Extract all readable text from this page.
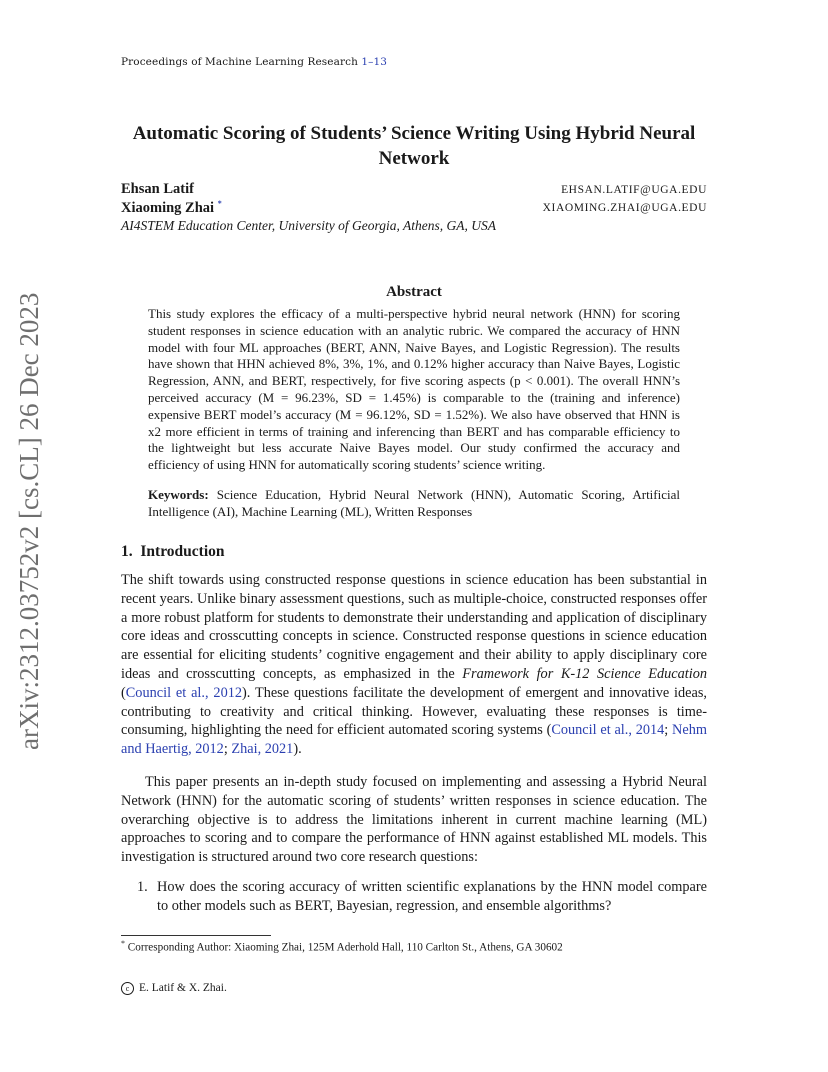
Proceedings of Machine Learning Research 1–13
arXiv:2312.03752v2 [cs.CL] 26 Dec 2023
Automatic Scoring of Students’ Science Writing Using Hybrid Neural Network
Ehsan Latif	EHSAN.LATIF@UGA.EDU
Xiaoming Zhai *	XIAOMING.ZHAI@UGA.EDU
AI4STEM Education Center, University of Georgia, Athens, GA, USA
Abstract
This study explores the efficacy of a multi-perspective hybrid neural network (HNN) for scoring student responses in science education with an analytic rubric. We compared the accuracy of HNN model with four ML approaches (BERT, ANN, Naive Bayes, and Logistic Regression). The results have shown that HHN achieved 8%, 3%, 1%, and 0.12% higher accuracy than Naive Bayes, Logistic Regression, ANN, and BERT, respectively, for five scoring aspects (p < 0.001). The overall HNN’s perceived accuracy (M = 96.23%, SD = 1.45%) is comparable to the (training and inference) expensive BERT model’s accuracy (M = 96.12%, SD = 1.52%). We also have observed that HNN is x2 more efficient in terms of training and inferencing than BERT and has comparable efficiency to the lightweight but less accurate Naive Bayes model. Our study confirmed the accuracy and efficiency of using HNN for automatically scoring students’ science writing.
Keywords: Science Education, Hybrid Neural Network (HNN), Automatic Scoring, Artificial Intelligence (AI), Machine Learning (ML), Written Responses
1. Introduction
The shift towards using constructed response questions in science education has been substantial in recent years. Unlike binary assessment questions, such as multiple-choice, constructed responses offer a more robust platform for students to demonstrate their understanding and application of disciplinary core ideas and crosscutting concepts in science. Constructed response questions in science education are essential for eliciting students’ cognitive engagement and their ability to apply disciplinary core ideas and crosscutting concepts, as emphasized in the Framework for K-12 Science Education (Council et al., 2012). These questions facilitate the development of emergent and innovative ideas, contributing to creativity and critical thinking. However, evaluating these responses is time-consuming, highlighting the need for efficient automated scoring systems (Council et al., 2014; Nehm and Haertig, 2012; Zhai, 2021).
This paper presents an in-depth study focused on implementing and assessing a Hybrid Neural Network (HNN) for the automatic scoring of students’ written responses in science education. The overarching objective is to address the limitations inherent in current machine learning (ML) approaches to scoring and to compare the performance of HNN against established ML models. This investigation is structured around two core research questions:
1. How does the scoring accuracy of written scientific explanations by the HNN model compare to other models such as BERT, Bayesian, regression, and ensemble algorithms?
* Corresponding Author: Xiaoming Zhai, 125M Aderhold Hall, 110 Carlton St., Athens, GA 30602
c E. Latif & X. Zhai.
